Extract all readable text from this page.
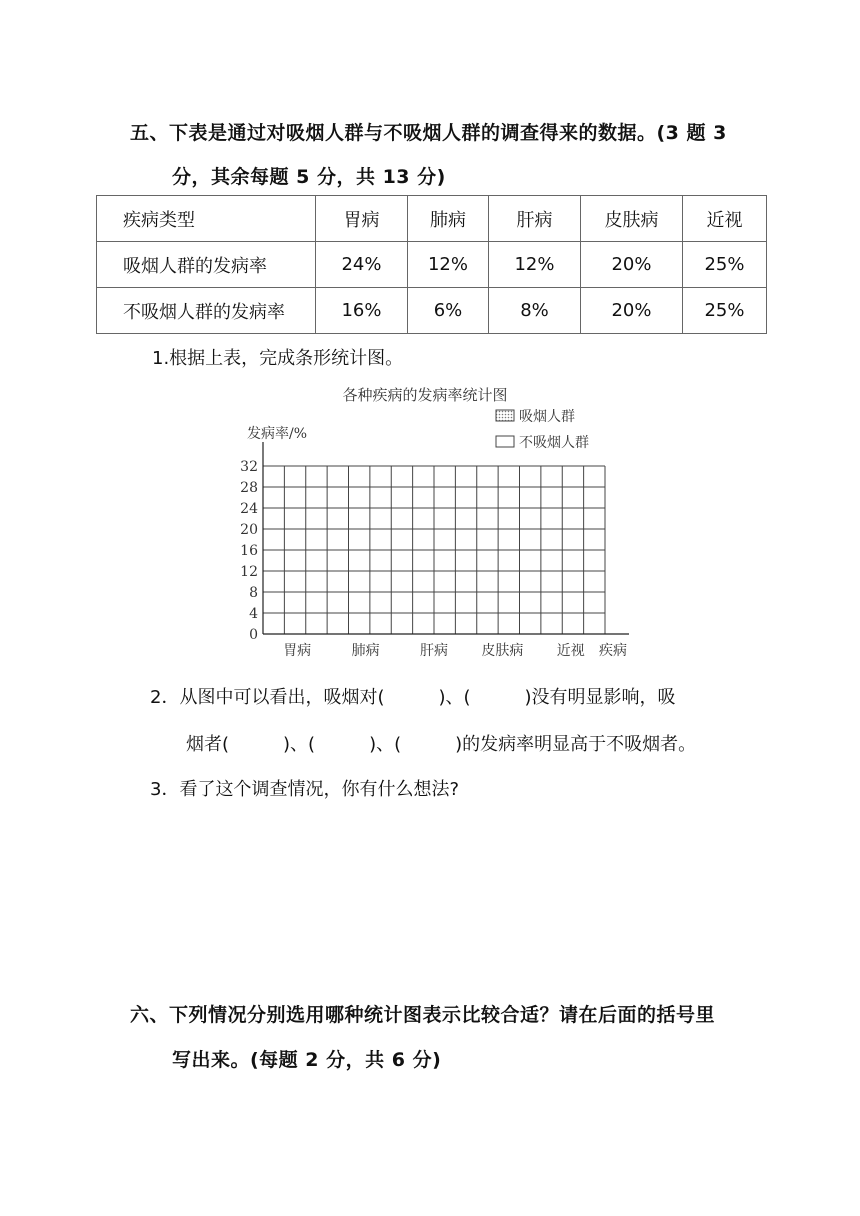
五、下表是通过对吸烟人群与不吸烟人群的调查得来的数据。(3 题 3
分，其余每题 5 分，共 13 分)
疾病类型	胃病	肺病	肝病	皮肤病	近视
吸烟人群的发病率	24%	12%	12%	20%	25%
不吸烟人群的发病率	16%	6%	8%	20%	25%
1.根据上表，完成条形统计图。
各种疾病的发病率统计图
发病率/%
吸烟人群
不吸烟人群
0
4
8
12
16
20
24
28
32
胃病	肺病	肝病 皮肤病 近视 疾病
2．从图中可以看出，吸烟对(　　　)、(　　　)没有明显影响，吸
烟者(　　　)、(　　　)、(　　　)的发病率明显高于不吸烟者。
3．看了这个调查情况，你有什么想法?
六、下列情况分别选用哪种统计图表示比较合适？请在后面的括号里
写出来。(每题 2 分，共 6 分)
